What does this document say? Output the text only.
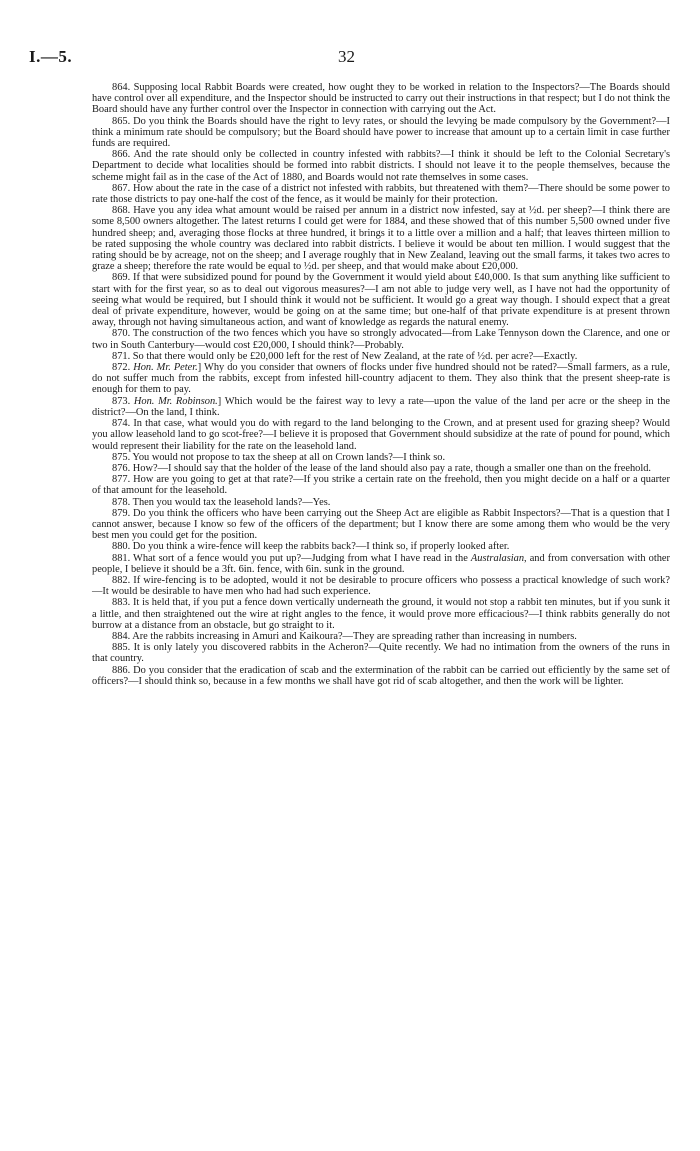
I.—5.	32

864. Supposing local Rabbit Boards were created, how ought they to be worked in relation to the Inspectors?—The Boards should have control over all expenditure, and the Inspector should be instructed to carry out their instructions in that respect; but I do not think the Board should have any further control over the Inspector in connection with carrying out the Act.

865. Do you think the Boards should have the right to levy rates, or should the levying be made compulsory by the Government?—I think a minimum rate should be compulsory; but the Board should have power to increase that amount up to a certain limit in case further funds are required.

866. And the rate should only be collected in country infested with rabbits?—I think it should be left to the Colonial Secretary's Department to decide what localities should be formed into rabbit districts. I should not leave it to the people themselves, because the scheme might fail as in the case of the Act of 1880, and Boards would not rate themselves in some cases.

867. How about the rate in the case of a district not infested with rabbits, but threatened with them?—There should be some power to rate those districts to pay one-half the cost of the fence, as it would be mainly for their protection.

868. Have you any idea what amount would be raised per annum in a district now infested, say at ½d. per sheep?—I think there are some 8,500 owners altogether. The latest returns I could get were for 1884, and these showed that of this number 5,500 owned under five hundred sheep; and, averaging those flocks at three hundred, it brings it to a little over a million and a half; that leaves thirteen million to be rated supposing the whole country was declared into rabbit districts. I believe it would be about ten million. I would suggest that the rating should be by acreage, not on the sheep; and I average roughly that in New Zealand, leaving out the small farms, it takes two acres to graze a sheep; therefore the rate would be equal to ½d. per sheep, and that would make about £20,000.

869. If that were subsidized pound for pound by the Government it would yield about £40,000. Is that sum anything like sufficient to start with for the first year, so as to deal out vigorous measures?—I am not able to judge very well, as I have not had the opportunity of seeing what would be required, but I should think it would not be sufficient. It would go a great way though. I should expect that a great deal of private expenditure, however, would be going on at the same time; but one-half of that private expenditure is at present thrown away, through not having simultaneous action, and want of knowledge as regards the natural enemy.

870. The construction of the two fences which you have so strongly advocated—from Lake Tennyson down the Clarence, and one or two in South Canterbury—would cost £20,000, I should think?—Probably.

871. So that there would only be £20,000 left for the rest of New Zealand, at the rate of ½d. per acre?—Exactly.

872. Hon. Mr. Peter.] Why do you consider that owners of flocks under five hundred should not be rated?—Small farmers, as a rule, do not suffer much from the rabbits, except from infested hill-country adjacent to them. They also think that the present sheep-rate is enough for them to pay.

873. Hon. Mr. Robinson.] Which would be the fairest way to levy a rate—upon the value of the land per acre or the sheep in the district?—On the land, I think.

874. In that case, what would you do with regard to the land belonging to the Crown, and at present used for grazing sheep? Would you allow leasehold land to go scot-free?—I believe it is proposed that Government should subsidize at the rate of pound for pound, which would represent their liability for the rate on the leasehold land.

875. You would not propose to tax the sheep at all on Crown lands?—I think so.

876. How?—I should say that the holder of the lease of the land should also pay a rate, though a smaller one than on the freehold.

877. How are you going to get at that rate?—If you strike a certain rate on the freehold, then you might decide on a half or a quarter of that amount for the leasehold.

878. Then you would tax the leasehold lands?—Yes.

879. Do you think the officers who have been carrying out the Sheep Act are eligible as Rabbit Inspectors?—That is a question that I cannot answer, because I know so few of the officers of the department; but I know there are some among them who would be the very best men you could get for the position.

880. Do you think a wire-fence will keep the rabbits back?—I think so, if properly looked after.

881. What sort of a fence would you put up?—Judging from what I have read in the Australasian, and from conversation with other people, I believe it should be a 3ft. 6in. fence, with 6in. sunk in the ground.

882. If wire-fencing is to be adopted, would it not be desirable to procure officers who possess a practical knowledge of such work?—It would be desirable to have men who had had such experience.

883. It is held that, if you put a fence down vertically underneath the ground, it would not stop a rabbit ten minutes, but if you sunk it a little, and then straightened out the wire at right angles to the fence, it would prove more efficacious?—I think rabbits generally do not burrow at a distance from an obstacle, but go straight to it.

884. Are the rabbits increasing in Amuri and Kaikoura?—They are spreading rather than increasing in numbers.

885. It is only lately you discovered rabbits in the Acheron?—Quite recently. We had no intimation from the owners of the runs in that country.

886. Do you consider that the eradication of scab and the extermination of the rabbit can be carried out efficiently by the same set of officers?—I should think so, because in a few months we shall have got rid of scab altogether, and then the work will be lighter.
